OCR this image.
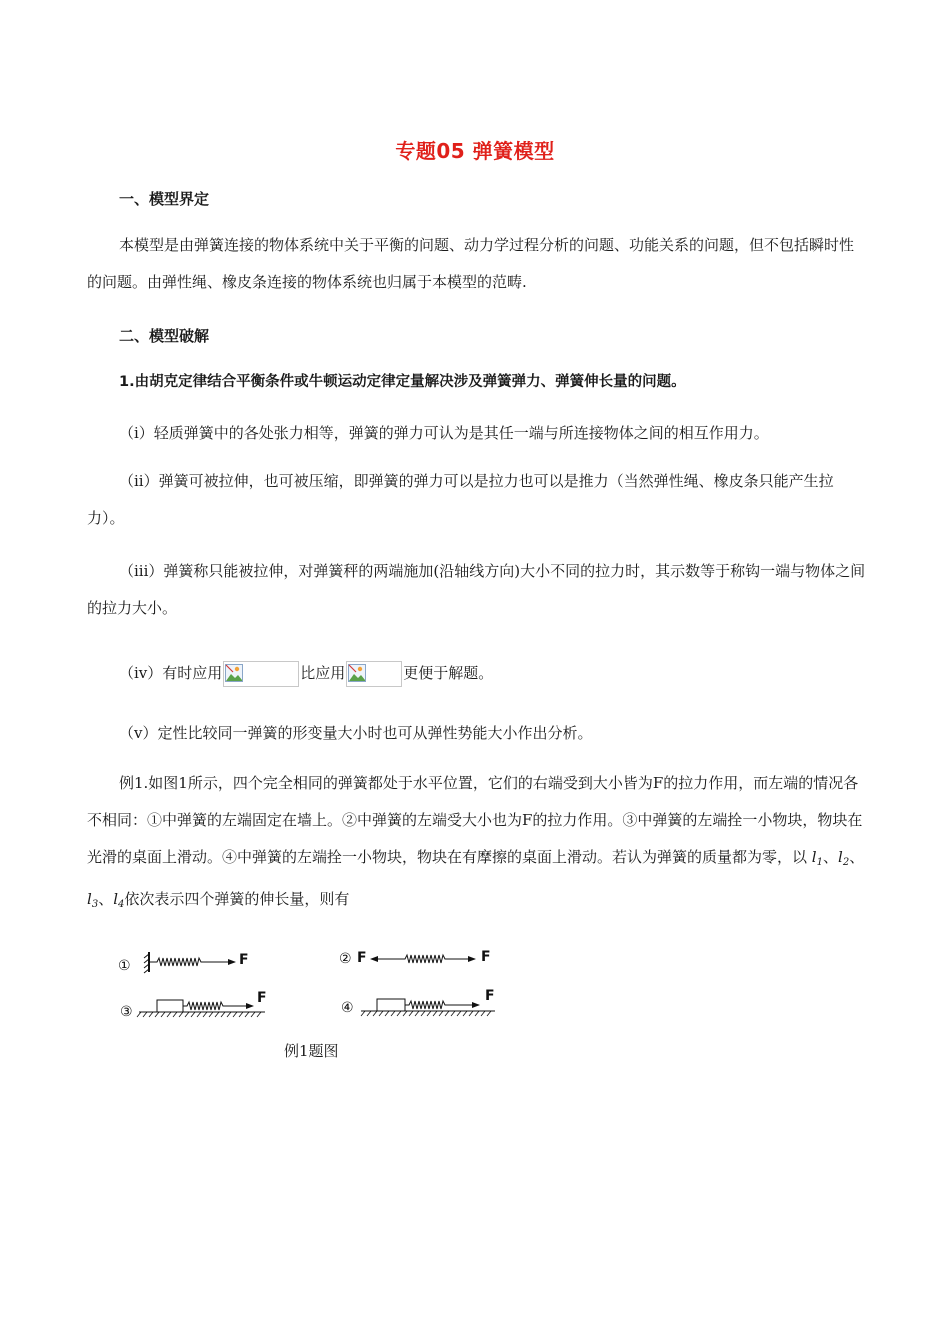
专题05 弹簧模型
一、模型界定

本模型是由弹簧连接的物体系统中关于平衡的问题、动力学过程分析的问题、功能关系的问题，但不包括瞬时性的问题。由弹性绳、橡皮条连接的物体系统也归属于本模型的范畴.

二、模型破解

1.由胡克定律结合平衡条件或牛顿运动定律定量解决涉及弹簧弹力、弹簧伸长量的问题。

（i）轻质弹簧中的各处张力相等，弹簧的弹力可认为是其任一端与所连接物体之间的相互作用力。

（ii）弹簧可被拉伸，也可被压缩，即弹簧的弹力可以是拉力也可以是推力（当然弹性绳、橡皮条只能产生拉力）。

（iii）弹簧称只能被拉伸，对弹簧秤的两端施加(沿轴线方向)大小不同的拉力时，其示数等于称钩一端与物体之间的拉力大小。

（iv）有时应用	比应用	更便于解题。

（v）定性比较同一弹簧的形变量大小时也可从弹性势能大小作出分析。

例1.如图1所示，四个完全相同的弹簧都处于水平位置，它们的右端受到大小皆为F的拉力作用，而左端的情况各不相同：①中弹簧的左端固定在墙上。②中弹簧的左端受大小也为F的拉力作用。③中弹簧的左端拴一小物块，物块在光滑的桌面上滑动。④中弹簧的左端拴一小物块，物块在有摩擦的桌面上滑动。若认为弹簧的质量都为零，以 $l_1$、$l_2$、$l_3$、$l_4$依次表示四个弹簧的伸长量，则有

①	F	② F	F
③
F
④
F
例1题图
